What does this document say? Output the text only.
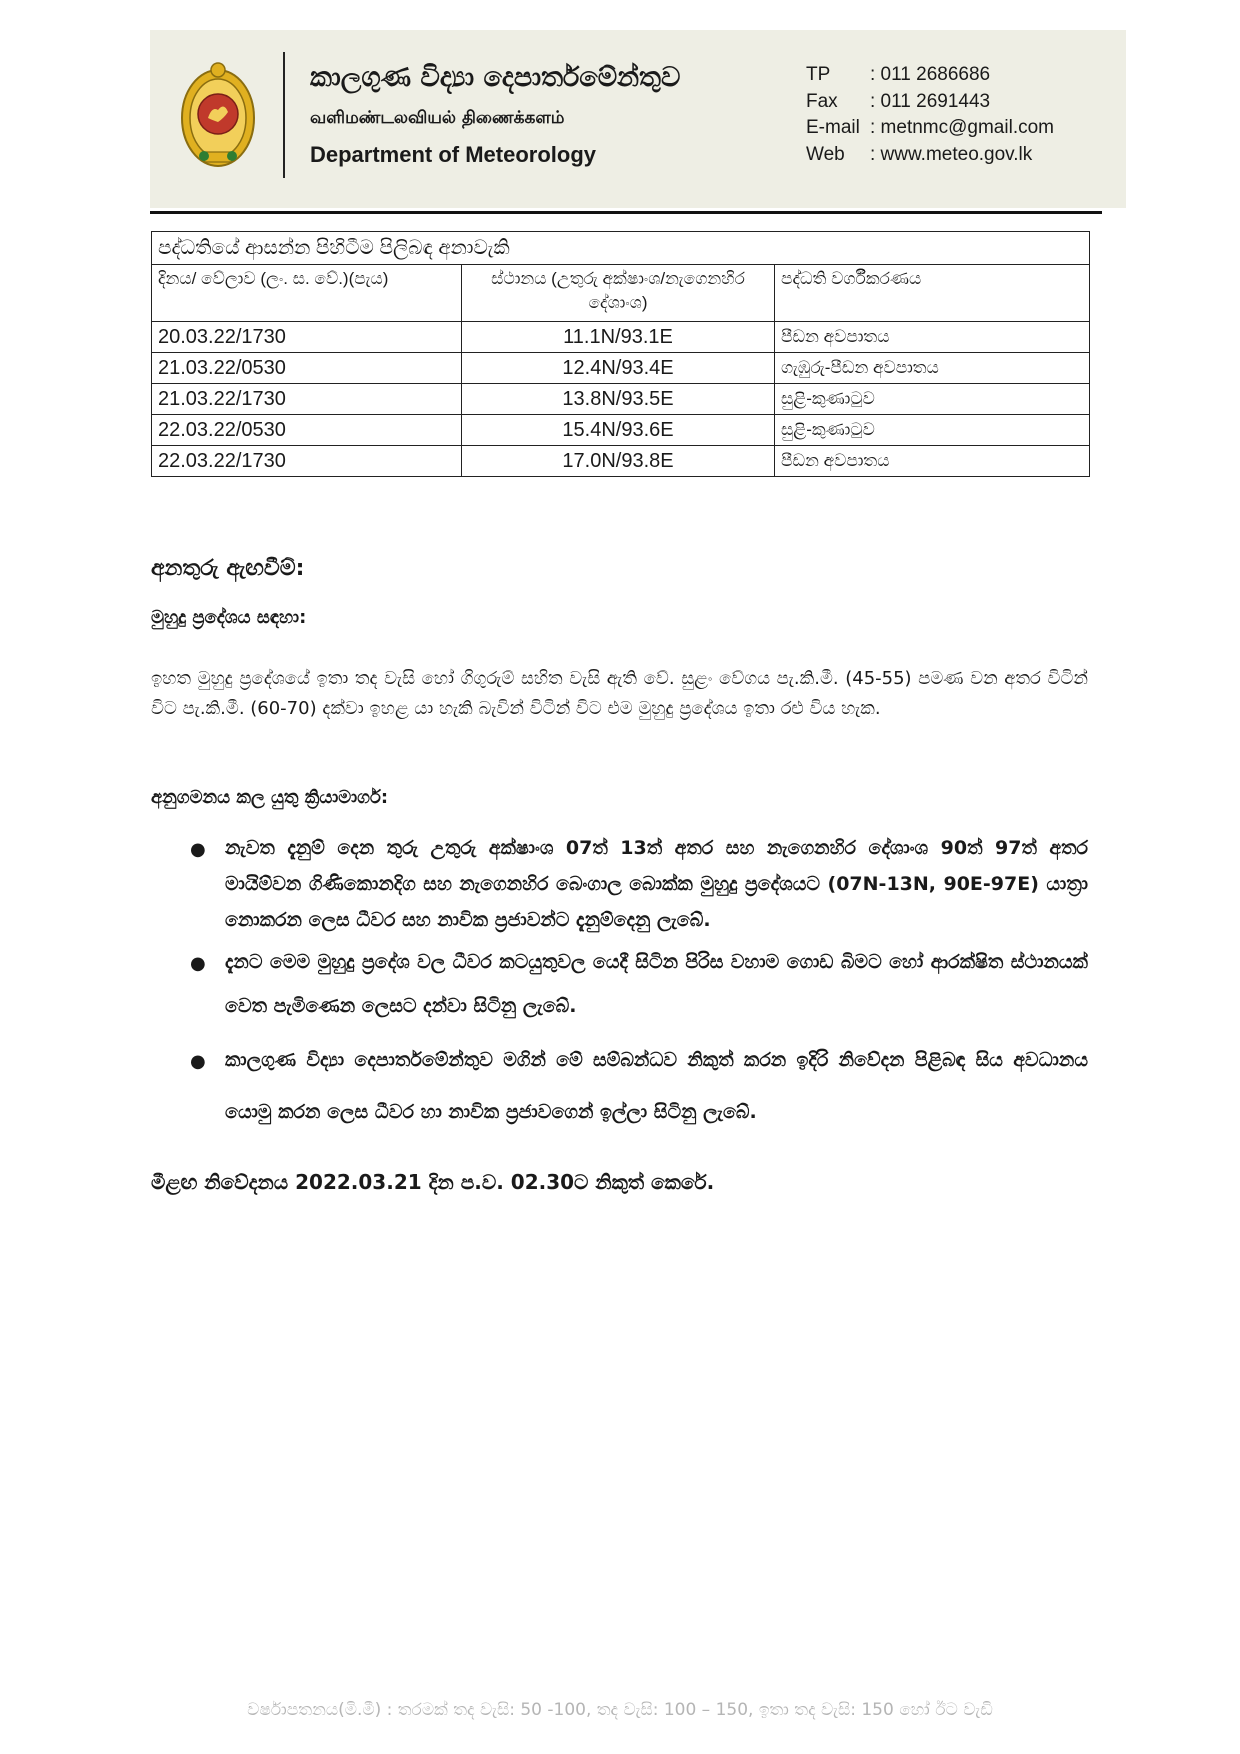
කාලගුණ විද්‍යා දෙපාර්තමේන්තුව
வளிமண்டலவியல் திணைக்களம்
Department of Meteorology
TP : 011 2686686
Fax : 011 2691443
E-mail : metnmc@gmail.com
Web : www.meteo.gov.lk
පද්ධතියේ ආසන්න පිහිටීම පිලිබඳ අනාවැකි		
දිනය/ වේලාව (ලං. ස. වේ.)(පැය)	ස්ථානය (උතුරු අක්ෂාංශ/නැගෙනහිර දේශාංශ)	පද්ධති වර්ගීකරණය
20.03.22/1730	11.1N/93.1E	පීඩන අවපාතය
21.03.22/0530	12.4N/93.4E	ගැඹුරු-පීඩන අවපාතය
21.03.22/1730	13.8N/93.5E	සුළි-කුණාටුව
22.03.22/0530	15.4N/93.6E	සුළි-කුණාටුව
22.03.22/1730	17.0N/93.8E	පීඩන අවපාතය
අනතුරු ඇඟවීම්:
මුහුදු ප්‍රදේශය සඳහා:
ඉහත මුහුදු ප්‍රදේශයේ ඉතා තද වැසි හෝ ගිගුරුම් සහිත වැසි ඇති වේ. සුළං වේගය පැ.කි.මී. (45-55) පමණ වන අතර විටින් විට පැ.කි.මී. (60-70) දක්වා ඉහළ යා හැකි බැවින් විටින් විට එම මුහුදු ප්‍රදේශය ඉතා රළු විය හැක.
අනුගමනය කල යුතු ක්‍රියාමාර්ග:
● නැවත දැනුම් දෙන තුරු උතුරු අක්ෂාංශ 07ත් 13ත් අතර සහ නැගෙනහිර දේශාංශ 90ත් 97ත් අතර මායිම්වන ගිණිකොනදිග සහ නැගෙනහිර බෙංගාල බොක්ක මුහුදු ප්‍රදේශයට (07N-13N, 90E-97E) යාත්‍රා නොකරන ලෙස ධීවර සහ නාවික ප්‍රජාවන්ට දැනුම්දෙනු ලැබේ.
● දැනට මෙම මුහුදු ප්‍රදේශ වල ධීවර කටයුතුවල යෙදී සිටින පිරිස වහාම ගොඩ බිමට හෝ ආරක්ෂිත ස්ථානයක් වෙත පැමිණෙන ලෙසට දන්වා සිටිනු ලැබේ.
● කාලගුණ විද්‍යා දෙපාර්තමේන්තුව මගින් මේ සම්බන්ධව නිකුත් කරන ඉදිරි නිවේදන පිළිබඳ සිය අවධානය යොමු කරන ලෙස ධීවර හා නාවික ප්‍රජාවගෙන් ඉල්ලා සිටිනු ලැබේ.
මීළඟ නිවේදනය 2022.03.21 දින ප.ව. 02.30ට නිකුත් කෙරේ.
වර්ෂාපතනය(මි.මී) : තරමක් තද වැසි: 50 -100, තද වැසි: 100 – 150, ඉතා තද වැසි: 150 හෝ ඊට වැඩි
